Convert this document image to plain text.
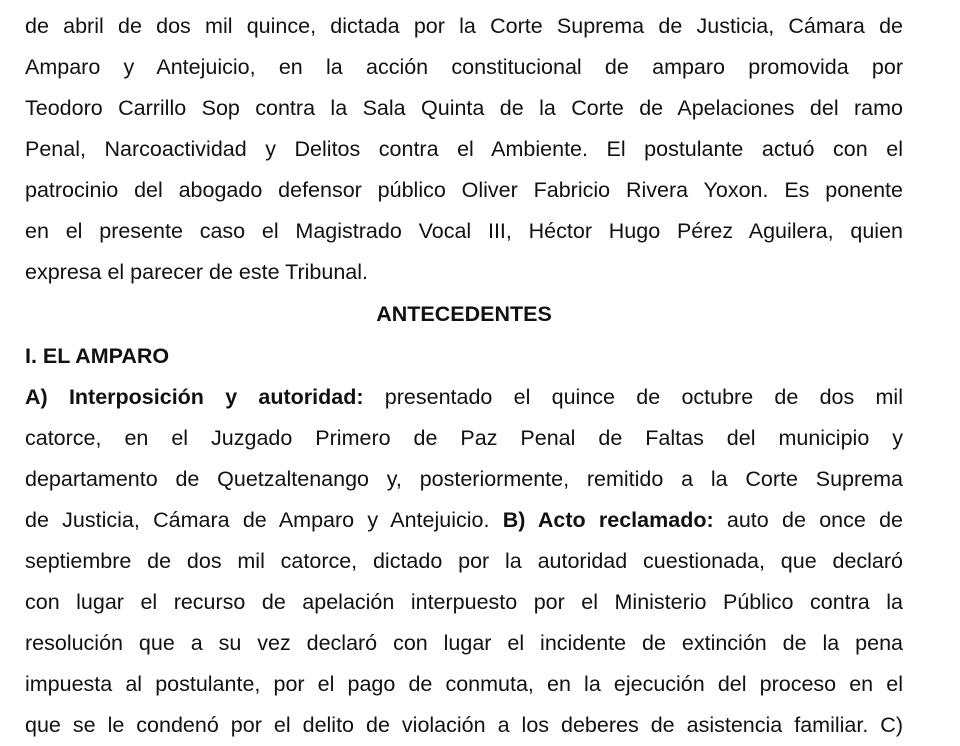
de abril de dos mil quince, dictada por la Corte Suprema de Justicia, Cámara de
Amparo y Antejuicio, en la acción constitucional de amparo promovida por
Teodoro Carrillo Sop contra la Sala Quinta de la Corte de Apelaciones del ramo
Penal, Narcoactividad y Delitos contra el Ambiente. El postulante actuó con el
patrocinio del abogado defensor público Oliver Fabricio Rivera Yoxon. Es ponente
en el presente caso el Magistrado Vocal III, Héctor Hugo Pérez Aguilera, quien
expresa el parecer de este Tribunal.
ANTECEDENTES
I. EL AMPARO
A) Interposición y autoridad: presentado el quince de octubre de dos mil
catorce, en el Juzgado Primero de Paz Penal de Faltas del municipio y
departamento de Quetzaltenango y, posteriormente, remitido a la Corte Suprema
de Justicia, Cámara de Amparo y Antejuicio. B) Acto reclamado: auto de once de
septiembre de dos mil catorce, dictado por la autoridad cuestionada, que declaró
con lugar el recurso de apelación interpuesto por el Ministerio Público contra la
resolución que a su vez declaró con lugar el incidente de extinción de la pena
impuesta al postulante, por el pago de conmuta, en la ejecución del proceso en el
que se le condenó por el delito de violación a los deberes de asistencia familiar. C)
